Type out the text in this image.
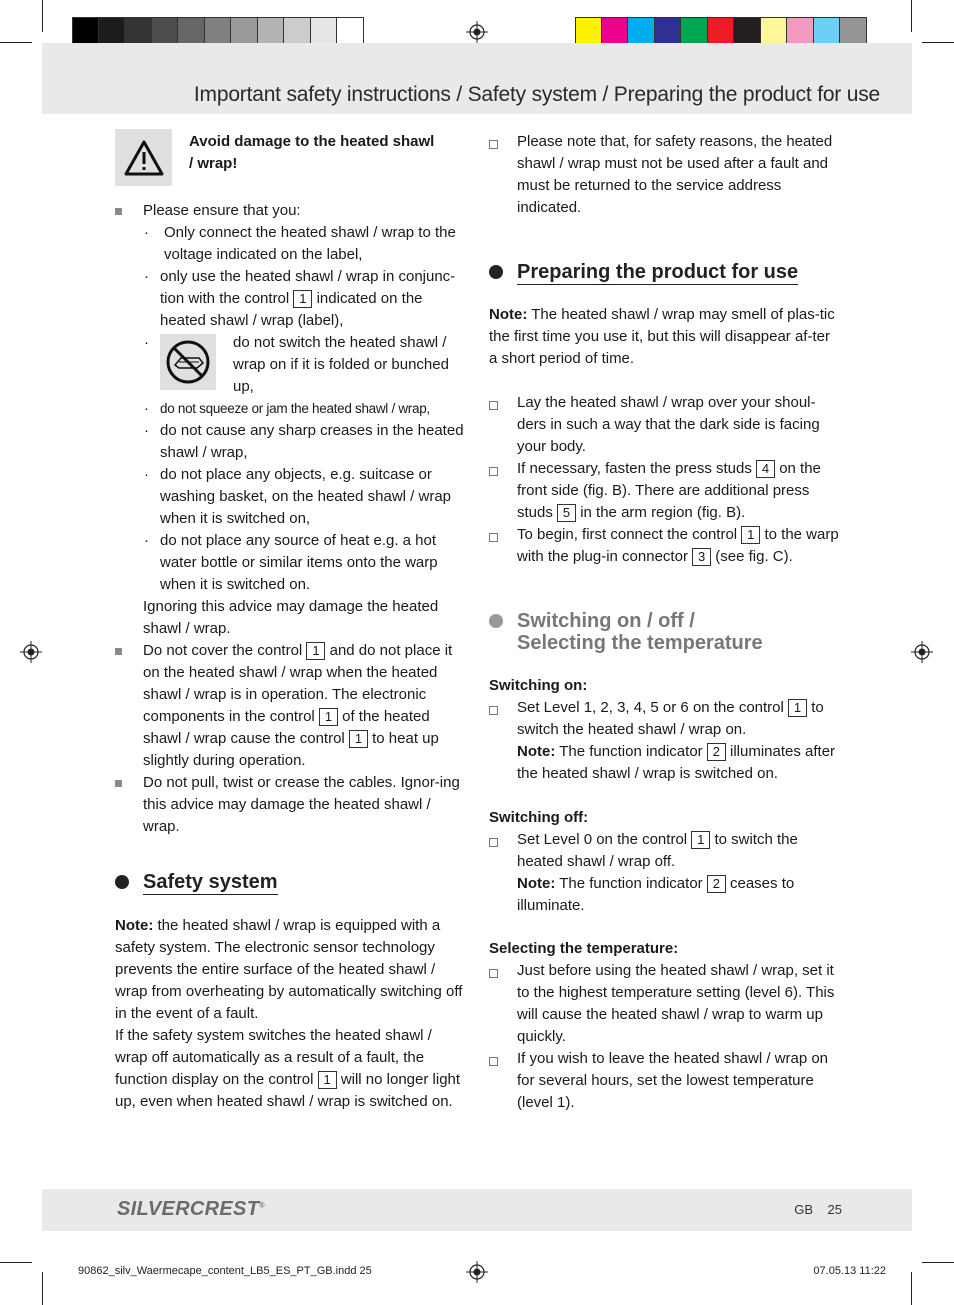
Important safety instructions / Safety system / Preparing the product for use
Avoid damage to the heated shawl / wrap!
Please ensure that you:
· Only connect the heated shawl / wrap to the voltage indicated on the label,
· only use the heated shawl / wrap in conjunc-tion with the control 1 indicated on the heated shawl / wrap (label),
· do not switch the heated shawl / wrap on if it is folded or bunched up,
· do not squeeze or jam the heated shawl / wrap,
· do not cause any sharp creases in the heated shawl / wrap,
· do not place any objects, e.g. suitcase or washing basket, on the heated shawl / wrap when it is switched on,
· do not place any source of heat e.g. a hot water bottle or similar items onto the warp when it is switched on.
Ignoring this advice may damage the heated shawl / wrap.
Do not cover the control 1 and do not place it on the heated shawl / wrap when the heated shawl / wrap is in operation. The electronic components in the control 1 of the heated shawl / wrap cause the control 1 to heat up slightly during operation.
Do not pull, twist or crease the cables. Ignor-ing this advice may damage the heated shawl / wrap.
Safety system
Note: the heated shawl / wrap is equipped with a safety system. The electronic sensor technology prevents the entire surface of the heated shawl / wrap from overheating by automatically switching off in the event of a fault.
If the safety system switches the heated shawl / wrap off automatically as a result of a fault, the function display on the control 1 will no longer light up, even when heated shawl / wrap is switched on.
Please note that, for safety reasons, the heated shawl / wrap must not be used after a fault and must be returned to the service address indicated.
Preparing the product for use
Note: The heated shawl / wrap may smell of plas-tic the first time you use it, but this will disappear af-ter a short period of time.
Lay the heated shawl / wrap over your shoul-ders in such a way that the dark side is facing your body.
If necessary, fasten the press studs 4 on the front side (fig. B). There are additional press studs 5 in the arm region (fig. B).
To begin, first connect the control 1 to the warp with the plug-in connector 3 (see fig. C).
Switching on / off /
Selecting the temperature
Switching on:
Set Level 1, 2, 3, 4, 5 or 6 on the control 1 to switch the heated shawl / wrap on.
Note: The function indicator 2 illuminates after the heated shawl / wrap is switched on.
Switching off:
Set Level 0 on the control 1 to switch the heated shawl / wrap off.
Note: The function indicator 2 ceases to illuminate.
Selecting the temperature:
Just before using the heated shawl / wrap, set it to the highest temperature setting (level 6). This will cause the heated shawl / wrap to warm up quickly.
If you wish to leave the heated shawl / wrap on for several hours, set the lowest temperature (level 1).
SILVERCREST®	GB 25
90862_silv_Waermecape_content_LB5_ES_PT_GB.indd 25	07.05.13 11:22
